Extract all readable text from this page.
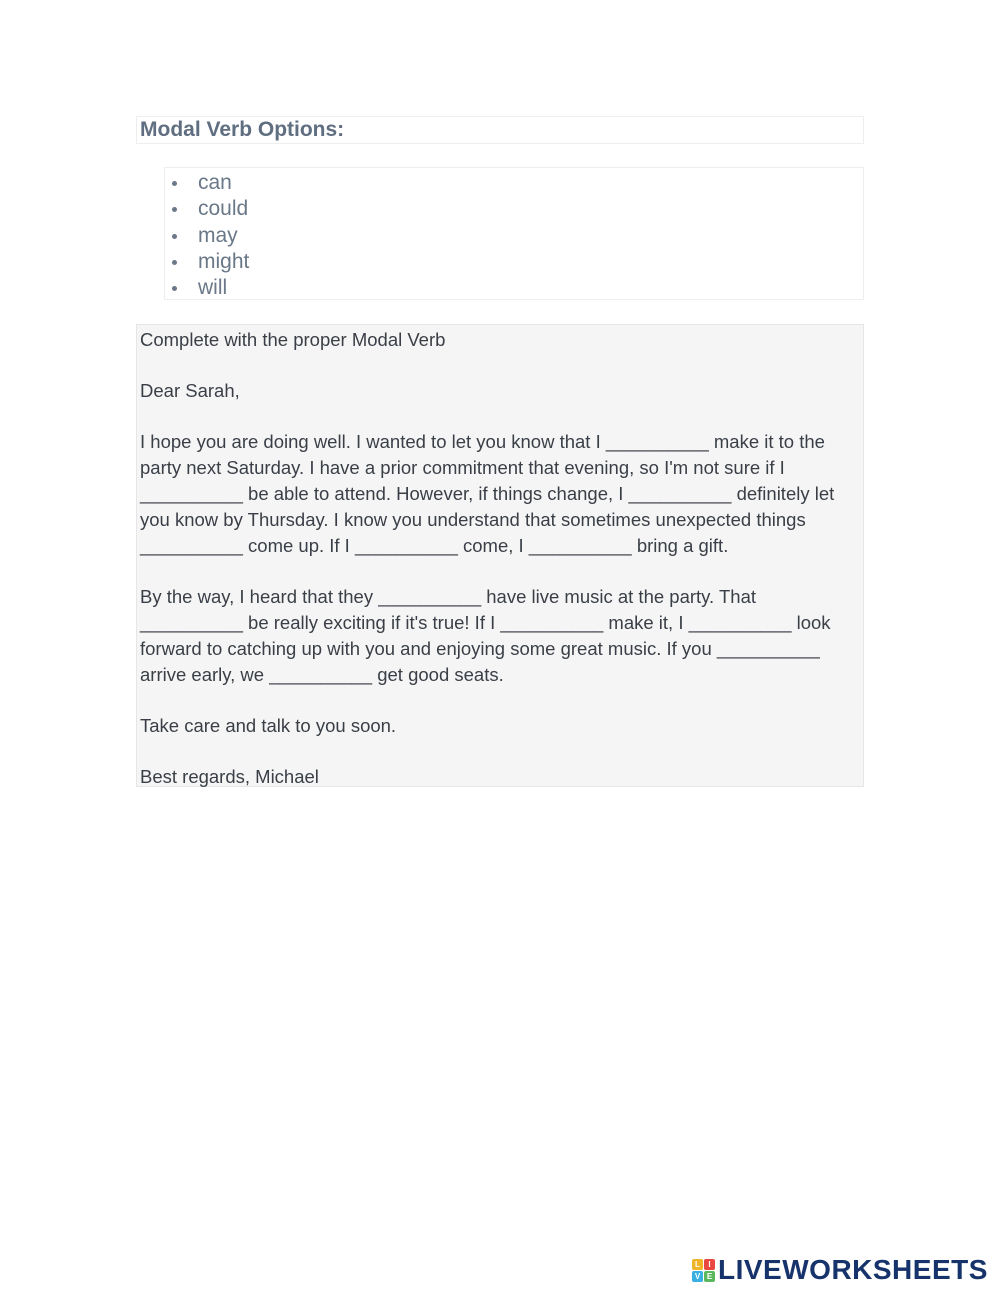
Modal Verb Options:
can
could
may
might
will

Complete with the proper Modal Verb

Dear Sarah,

I hope you are doing well. I wanted to let you know that I __________ make it to the party next Saturday. I have a prior commitment that evening, so I'm not sure if I __________ be able to attend. However, if things change, I __________ definitely let you know by Thursday. I know you understand that sometimes unexpected things __________ come up. If I __________ come, I __________ bring a gift.

By the way, I heard that they __________ have live music at the party. That __________ be really exciting if it's true! If I __________ make it, I __________ look forward to catching up with you and enjoying some great music. If you __________ arrive early, we __________ get good seats.

Take care and talk to you soon.

Best regards, Michael

L	I
V E LIVEWORKSHEETS
